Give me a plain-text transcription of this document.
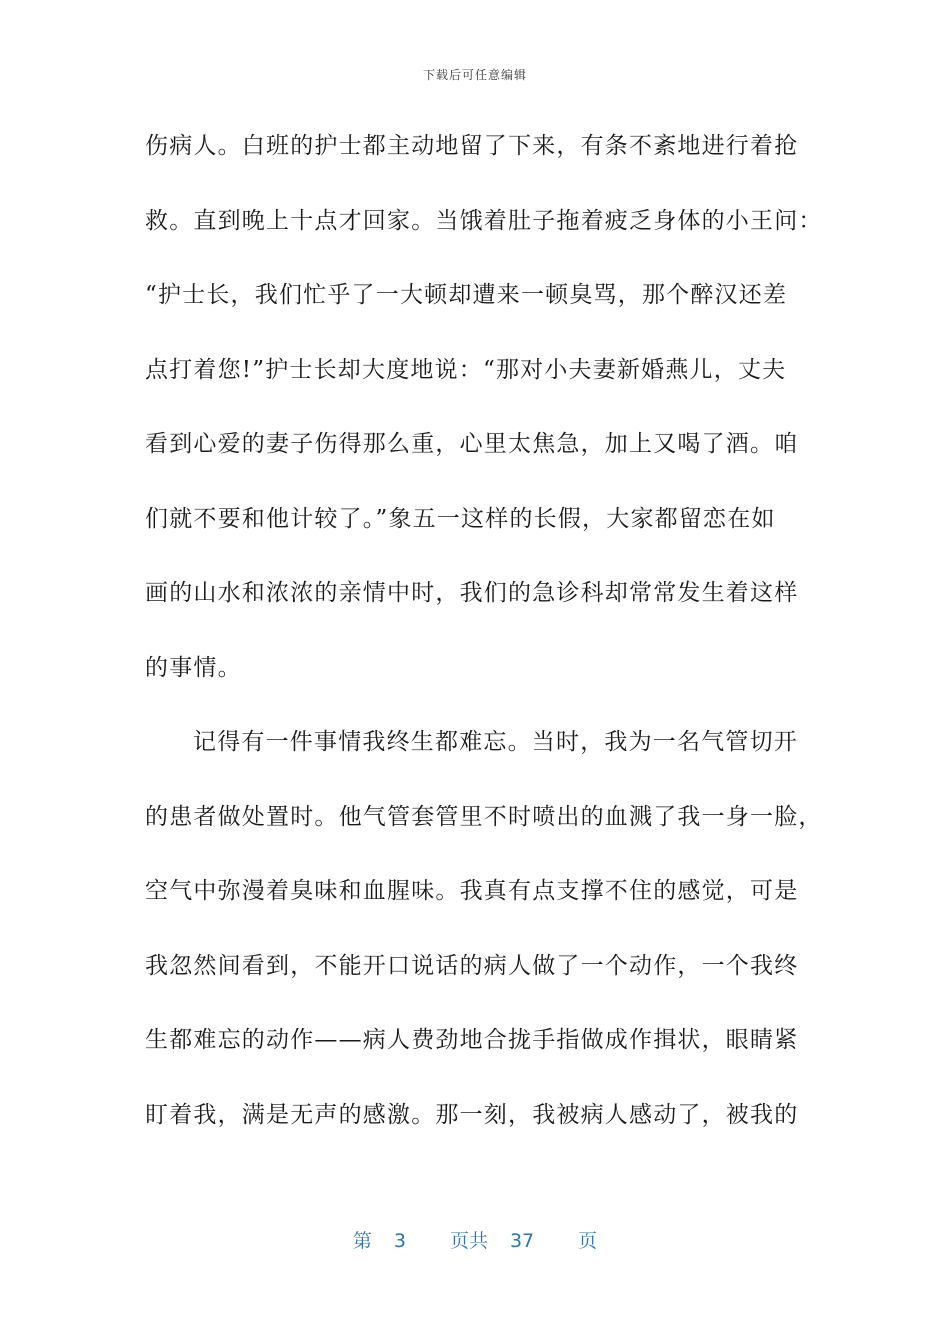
下载后可任意编辑
伤病人。白班的护士都主动地留了下来，有条不紊地进行着抢
救。直到晚上十点才回家。当饿着肚子拖着疲乏身体的小王问：
“护士长，我们忙乎了一大顿却遭来一顿臭骂，那个醉汉还差
点打着您!”护士长却大度地说：“那对小夫妻新婚燕儿，丈夫
看到心爱的妻子伤得那么重，心里太焦急，加上又喝了酒。咱
们就不要和他计较了。”象五一这样的长假，大家都留恋在如
画的山水和浓浓的亲情中时，我们的急诊科却常常发生着这样
的事情。
记得有一件事情我终生都难忘。当时，我为一名气管切开
的患者做处置时。他气管套管里不时喷出的血溅了我一身一脸，
空气中弥漫着臭味和血腥味。我真有点支撑不住的感觉，可是
我忽然间看到，不能开口说话的病人做了一个动作，一个我终
生都难忘的动作——病人费劲地合拢手指做成作揖状，眼睛紧
盯着我，满是无声的感激。那一刻，我被病人感动了，被我的
第 3 页共 37 页
